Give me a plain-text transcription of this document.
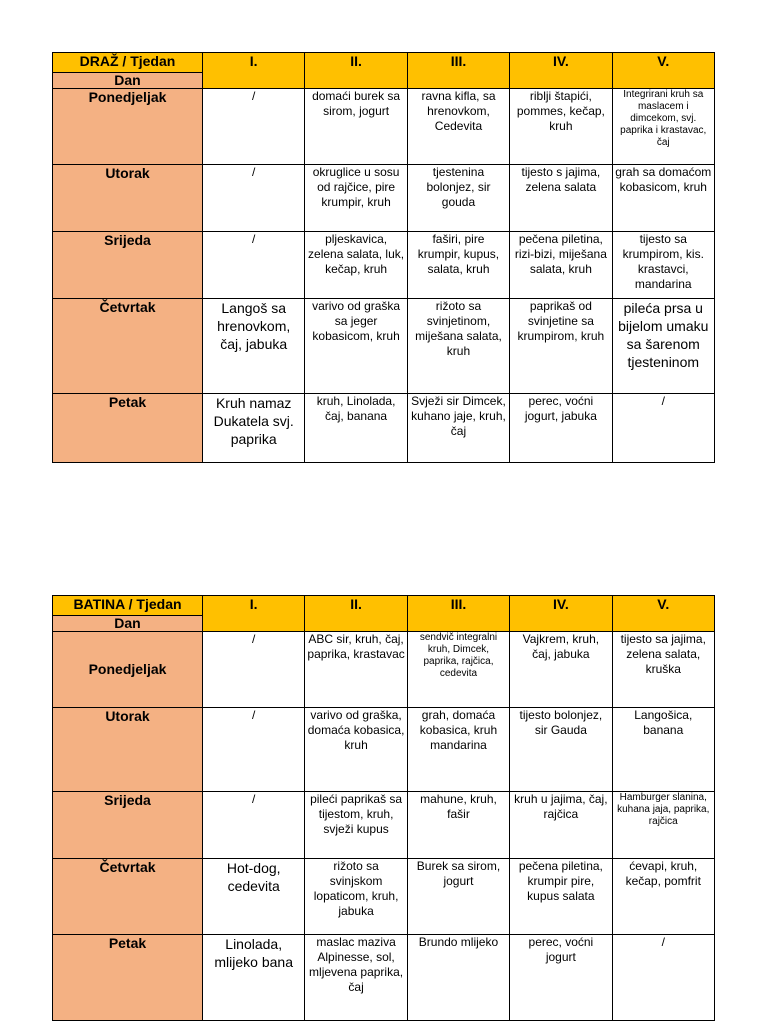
DRAŽ / Tjedan	I.	II.	III.	IV.	V.
Dan					
Ponedjeljak	/	domaći burek sa sirom, jogurt	ravna kifla, sa hrenovkom, Cedevita	riblji štapići, pommes, kečap, kruh	Integrirani kruh sa maslacem i dimcekom, svj. paprika i krastavac, čaj
Utorak	/	okruglice u sosu od rajčice, pire krumpir, kruh	tjestenina bolonjez, sir gouda	tijesto s jajima, zelena salata	grah sa domaćom kobasicom, kruh
Srijeda	/	pljeskavica, zelena salata, luk, kečap, kruh	faširi, pire krumpir, kupus, salata, kruh	pečena piletina, rizi-bizi, miješana salata, kruh	tijesto sa krumpirom, kis. krastavci, mandarina
Četvrtak	Langoš sa hrenovkom, čaj, jabuka	varivo od graška sa jeger kobasicom, kruh	rižoto sa svinjetinom, miješana salata, kruh	paprikaš od svinjetine sa krumpirom, kruh	pileća prsa u bijelom umaku sa šarenom tjesteninom
Petak	Kruh namaz Dukatela svj. paprika	kruh, Linolada, čaj, banana	Svježi sir Dimcek, kuhano jaje, kruh, čaj	perec, voćni jogurt, jabuka	/
BATINA / Tjedan	I.	II.	III.	IV.	V.
Dan					
Ponedjeljak	/	ABC sir, kruh, čaj, paprika, krastavac	sendvič integralni kruh, Dimcek, paprika, rajčica, cedevita	Vajkrem, kruh, čaj, jabuka	tijesto sa jajima, zelena salata, kruška
Utorak	/	varivo od graška, domaća kobasica, kruh	grah, domaća kobasica, kruh mandarina	tijesto bolonjez, sir Gauda	Langošica, banana
Srijeda	/	pileći paprikaš sa tijestom, kruh, svježi kupus	mahune, kruh, fašir	kruh u jajima, čaj, rajčica	Hamburger slanina, kuhana jaja, paprika, rajčica
Četvrtak	Hot-dog, cedevita	rižoto sa svinjskom lopaticom, kruh, jabuka	Burek sa sirom, jogurt	pečena piletina, krumpir pire, kupus salata	ćevapi, kruh, kečap, pomfrit
Petak	Linolada, mlijeko bana	maslac maziva Alpinesse, sol, mljevena paprika, čaj	Brundo mlijeko	perec, voćni jogurt	/
